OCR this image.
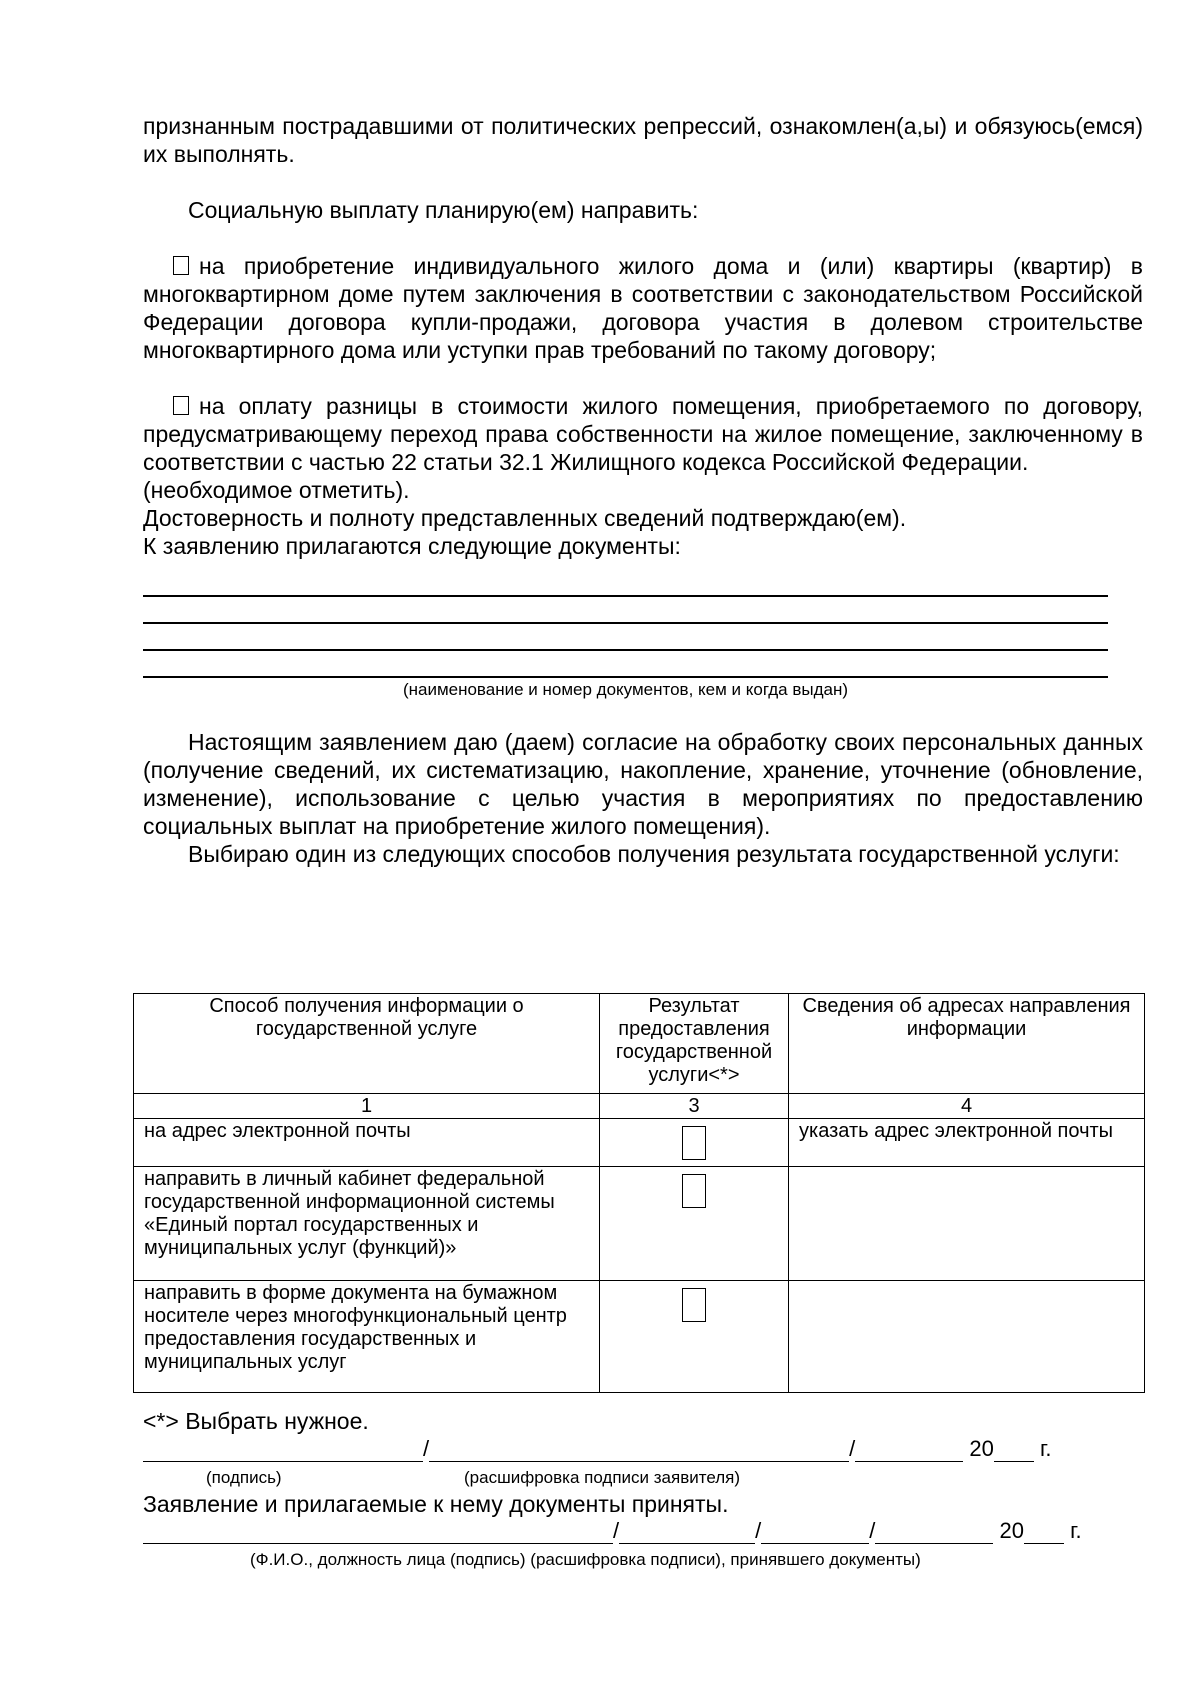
признанным пострадавшими от политических репрессий, ознакомлен(а,ы) и обязуюсь(емся) их выполнять.

Социальную выплату планирую(ем) направить:

на приобретение индивидуального жилого дома и (или) квартиры (квартир) в многоквартирном доме путем заключения в соответствии с законодательством Российской Федерации договора купли-продажи, договора участия в долевом строительстве многоквартирного дома или уступки прав требований по такому договору;

на оплату разницы в стоимости жилого помещения, приобретаемого по договору, предусматривающему переход права собственности на жилое помещение, заключенному в соответствии с частью 22 статьи 32.1 Жилищного кодекса Российской Федерации.

(необходимое отметить).

Достоверность и полноту представленных сведений подтверждаю(ем).

К заявлению прилагаются следующие документы:

(наименование и номер документов, кем и когда выдан)

Настоящим заявлением даю (даем) согласие на обработку своих персональных данных (получение сведений, их систематизацию, накопление, хранение, уточнение (обновление, изменение), использование с целью участия в мероприятиях по предоставлению социальных выплат на приобретение жилого помещения).

Выбираю один из следующих способов получения результата государственной услуги:

Способ получения информации о государственной услуге	Результат предоставления государственной услуги<*>	Сведения об адресах направления информации
1	3	4
на адрес электронной почты		указать адрес электронной почты
направить в личный кабинет федеральной государственной информационной системы «Единый портал государственных и муниципальных услуг (функций)»		
направить в форме документа на бумажном носителе через многофункциональный центр предоставления государственных и муниципальных услуг		
<*> Выбрать нужное.
/	/	20 г.
(подпись)	(расшифровка подписи заявителя)
Заявление и прилагаемые к нему документы приняты.
/	/	/	20 г.
(Ф.И.О., должность лица (подпись) (расшифровка подписи), принявшего документы)
